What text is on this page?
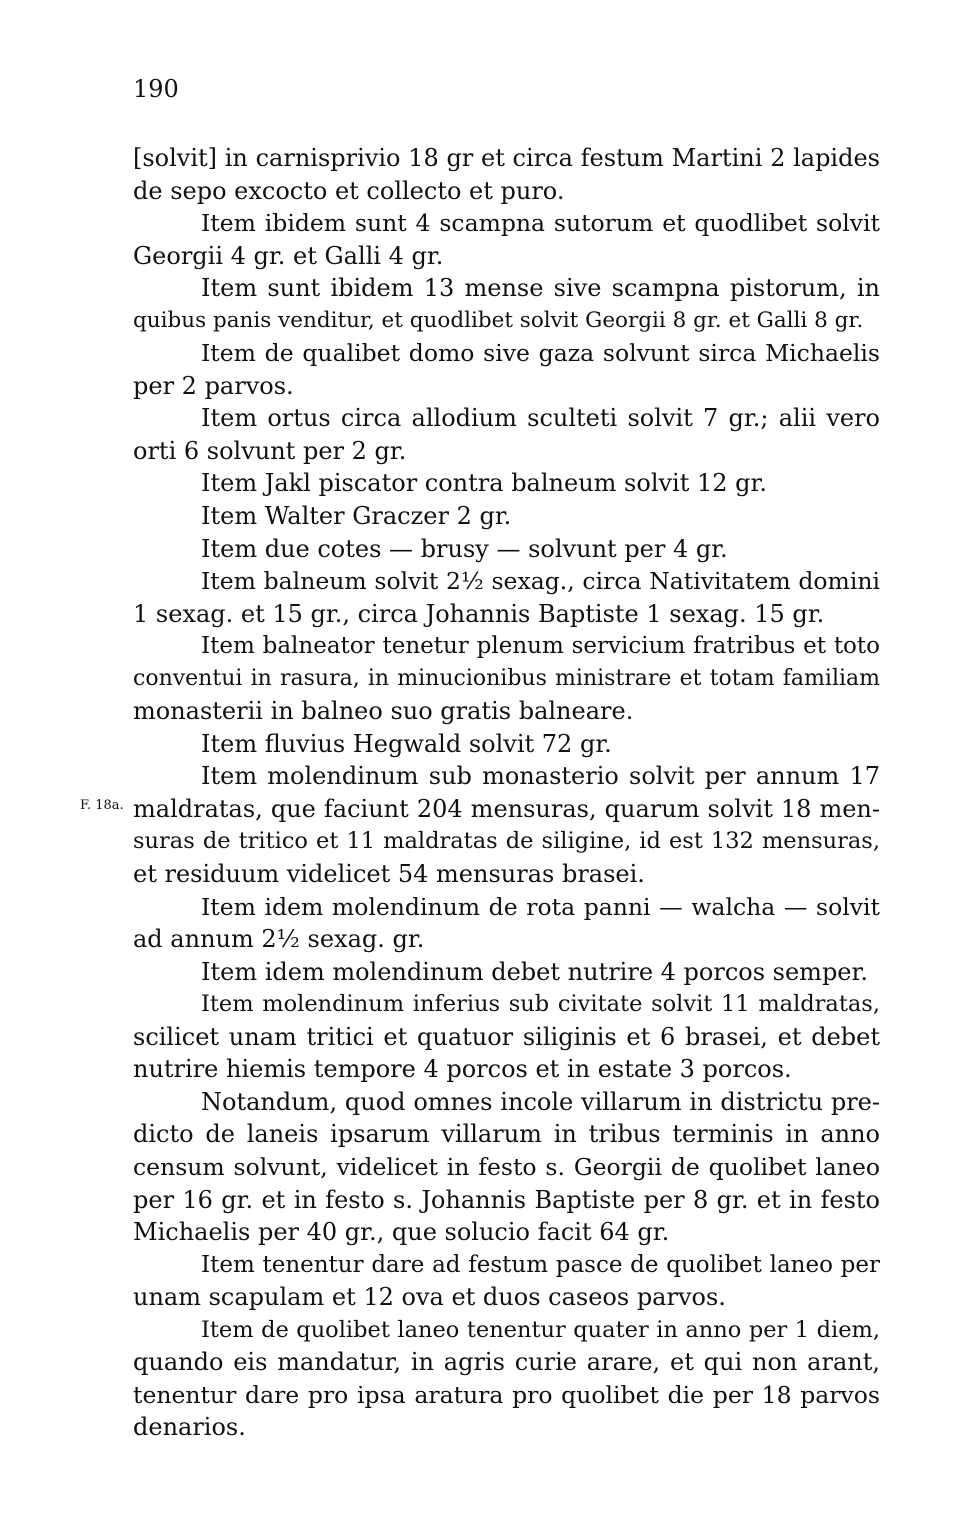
190
F. 18a.
[solvit] in carnisprivio 18 gr et circa festum Martini 2 lapides
de sepo excocto et collecto et puro.
Item ibidem sunt 4 scampna sutorum et quodlibet solvit
Georgii 4 gr. et Galli 4 gr.
Item sunt ibidem 13 mense sive scampna pistorum, in
quibus panis venditur, et quodlibet solvit Georgii 8 gr. et Galli 8 gr.
Item de qualibet domo sive gaza solvunt sirca Michaelis
per 2 parvos.
Item ortus circa allodium sculteti solvit 7 gr.; alii vero
orti 6 solvunt per 2 gr.
Item Jakl piscator contra balneum solvit 12 gr.
Item Walter Graczer 2 gr.
Item due cotes — brusy — solvunt per 4 gr.
Item balneum solvit 2½ sexag., circa Nativitatem domini
1 sexag. et 15 gr., circa Johannis Baptiste 1 sexag. 15 gr.
Item balneator tenetur plenum servicium fratribus et toto
conventui in rasura, in minucionibus ministrare et totam familiam
monasterii in balneo suo gratis balneare.
Item fluvius Hegwald solvit 72 gr.
Item molendinum sub monasterio solvit per annum 17
maldratas, que faciunt 204 mensuras, quarum solvit 18 men-
suras de tritico et 11 maldratas de siligine, id est 132 mensuras,
et residuum videlicet 54 mensuras brasei.
Item idem molendinum de rota panni — walcha — solvit
ad annum 2½ sexag. gr.
Item idem molendinum debet nutrire 4 porcos semper.
Item molendinum inferius sub civitate solvit 11 maldratas,
scilicet unam tritici et quatuor siliginis et 6 brasei, et debet
nutrire hiemis tempore 4 porcos et in estate 3 porcos.
Notandum, quod omnes incole villarum in districtu pre-
dicto de laneis ipsarum villarum in tribus terminis in anno
censum solvunt, videlicet in festo s. Georgii de quolibet laneo
per 16 gr. et in festo s. Johannis Baptiste per 8 gr. et in festo
Michaelis per 40 gr., que solucio facit 64 gr.
Item tenentur dare ad festum pasce de quolibet laneo per
unam scapulam et 12 ova et duos caseos parvos.
Item de quolibet laneo tenentur quater in anno per 1 diem,
quando eis mandatur, in agris curie arare, et qui non arant,
tenentur dare pro ipsa aratura pro quolibet die per 18 parvos
denarios.
